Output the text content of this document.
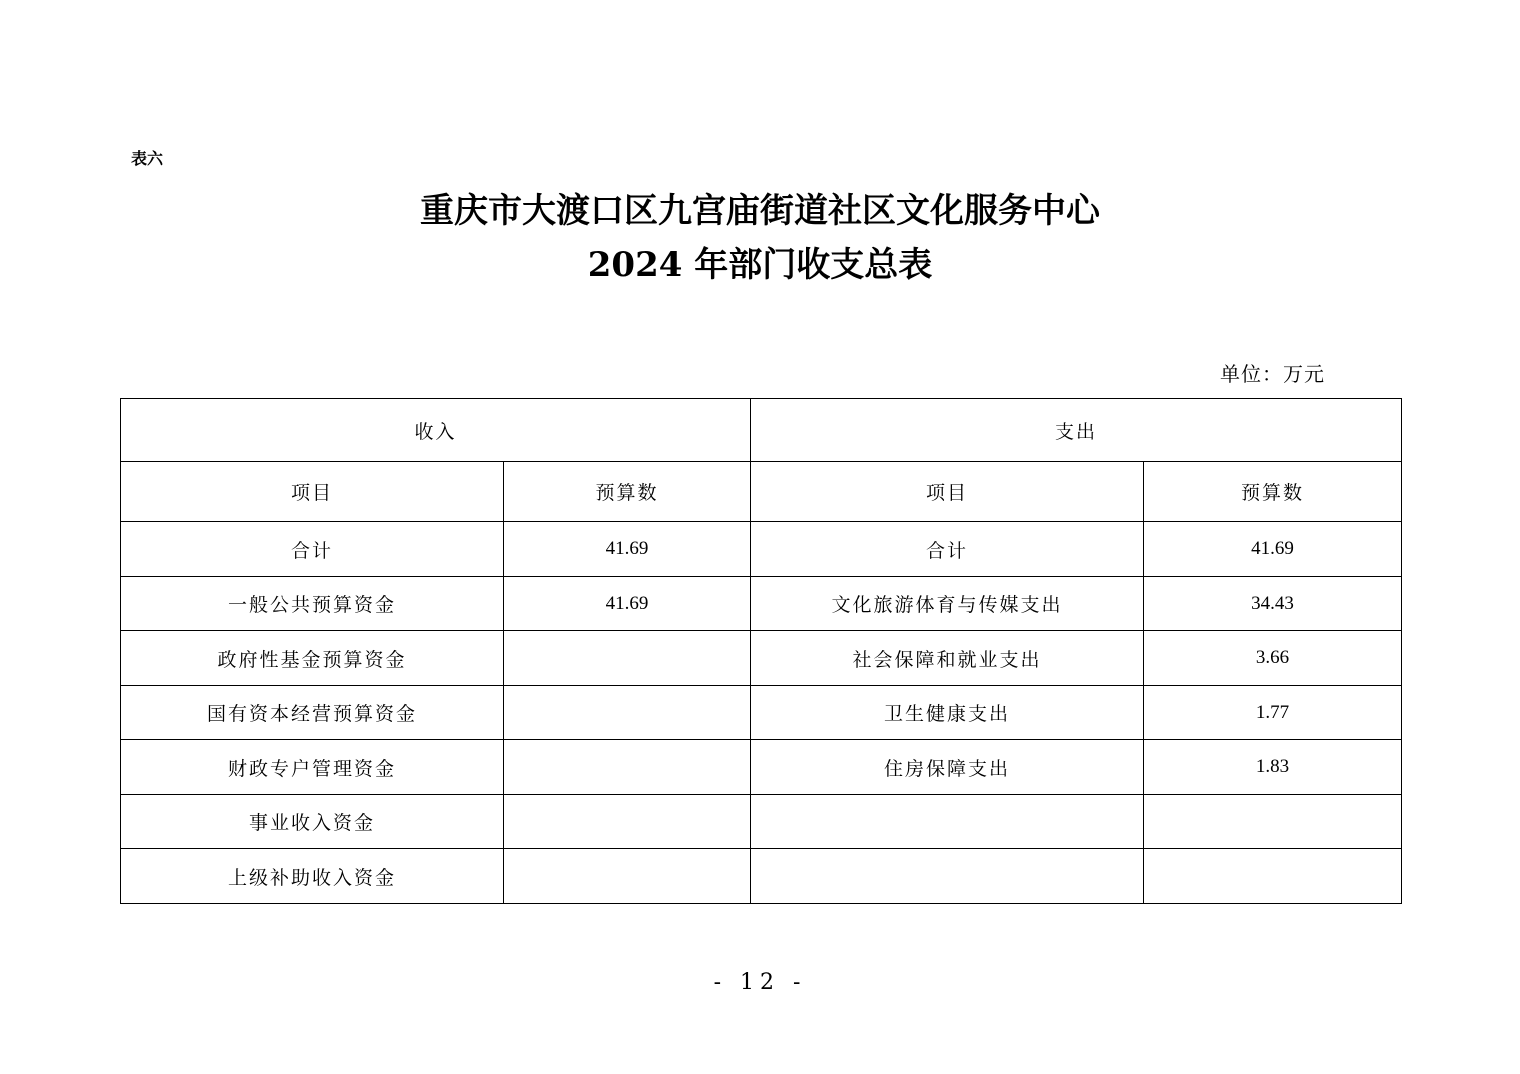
表六
重庆市大渡口区九宫庙街道社区文化服务中心
2024 年部门收支总表
单位：万元
收入		支出	
项目	预算数	项目	预算数
合计	41.69	合计	41.69
一般公共预算资金	41.69	文化旅游体育与传媒支出	34.43
政府性基金预算资金		社会保障和就业支出	3.66
国有资本经营预算资金		卫生健康支出	1.77
财政专户管理资金		住房保障支出	1.83
事业收入资金			
上级补助收入资金			
- 12 -
